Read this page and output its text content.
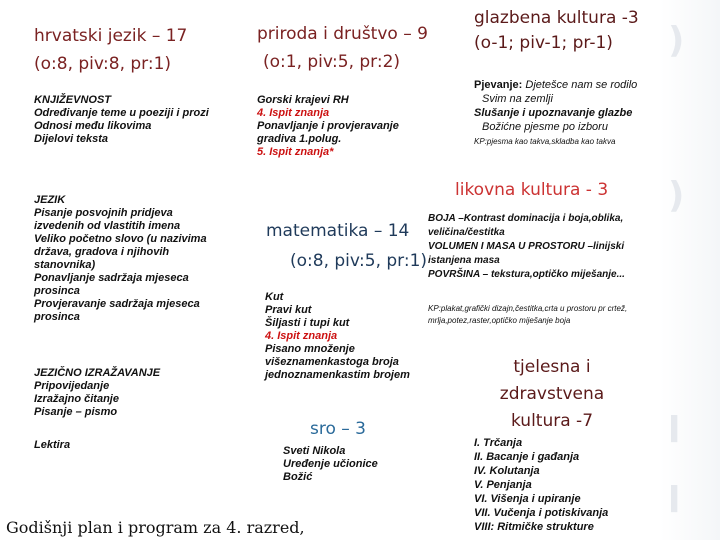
)
)
l
l
hrvatski jezik – 17
(o:8, piv:8, pr:1)
KNJIŽEVNOST
Određivanje teme u poeziji i prozi
Odnosi među likovima
Dijelovi teksta
JEZIK
Pisanje posvojnih pridjeva izvedenih od vlastitih imena
Veliko početno slovo (u nazivima država, gradova i njihovih stanovnika)
Ponavljanje sadržaja mjeseca prosinca
Provjeravanje sadržaja mjeseca prosinca
JEZIČNO IZRAŽAVANJE
Pripovijedanje
Izražajno čitanje
Pisanje – pismo
Lektira
priroda i društvo – 9
(o:1, piv:5, pr:2)
Gorski krajevi RH
4. Ispit znanja
Ponavljanje i provjeravanje gradiva 1.polug.
5. Ispit znanja*
glazbena kultura -3
(o-1; piv-1; pr-1)
Pjevanje: Djetešce nam se rodilo
Svim na zemlji
Slušanje i upoznavanje glazbe
Božićne pjesme po izboru
KP:pjesma kao takva,skladba kao takva
likovna kultura - 3
BOJA –Kontrast dominacija i boja,oblika, veličina/čestitka
VOLUMEN I MASA U PROSTORU –linijski istanjena masa
POVRŠINA – tekstura,optičko miješanje...
KP:plakat,grafički dizajn,čestitka,crta u prostoru pr crtež, mrlja,potez,raster,optičko miješanje boja
matematika – 14
(o:8, piv:5, pr:1)
Kut
Pravi kut
Šiljasti i tupi kut
4. Ispit znanja
Pisano množenje višeznamenkastoga broja jednoznamenkastim brojem
sro – 3
Sveti Nikola
Uređenje učionice
Božić
tjelesna i zdravstvena kultura -7
I. Trčanja
II. Bacanje i gađanja
IV. Kolutanja
V. Penjanja
VI. Višenja i upiranje
VII. Vučenja i potiskivanja
VIII: Ritmičke strukture
Godišnji plan i program za 4. razred,
